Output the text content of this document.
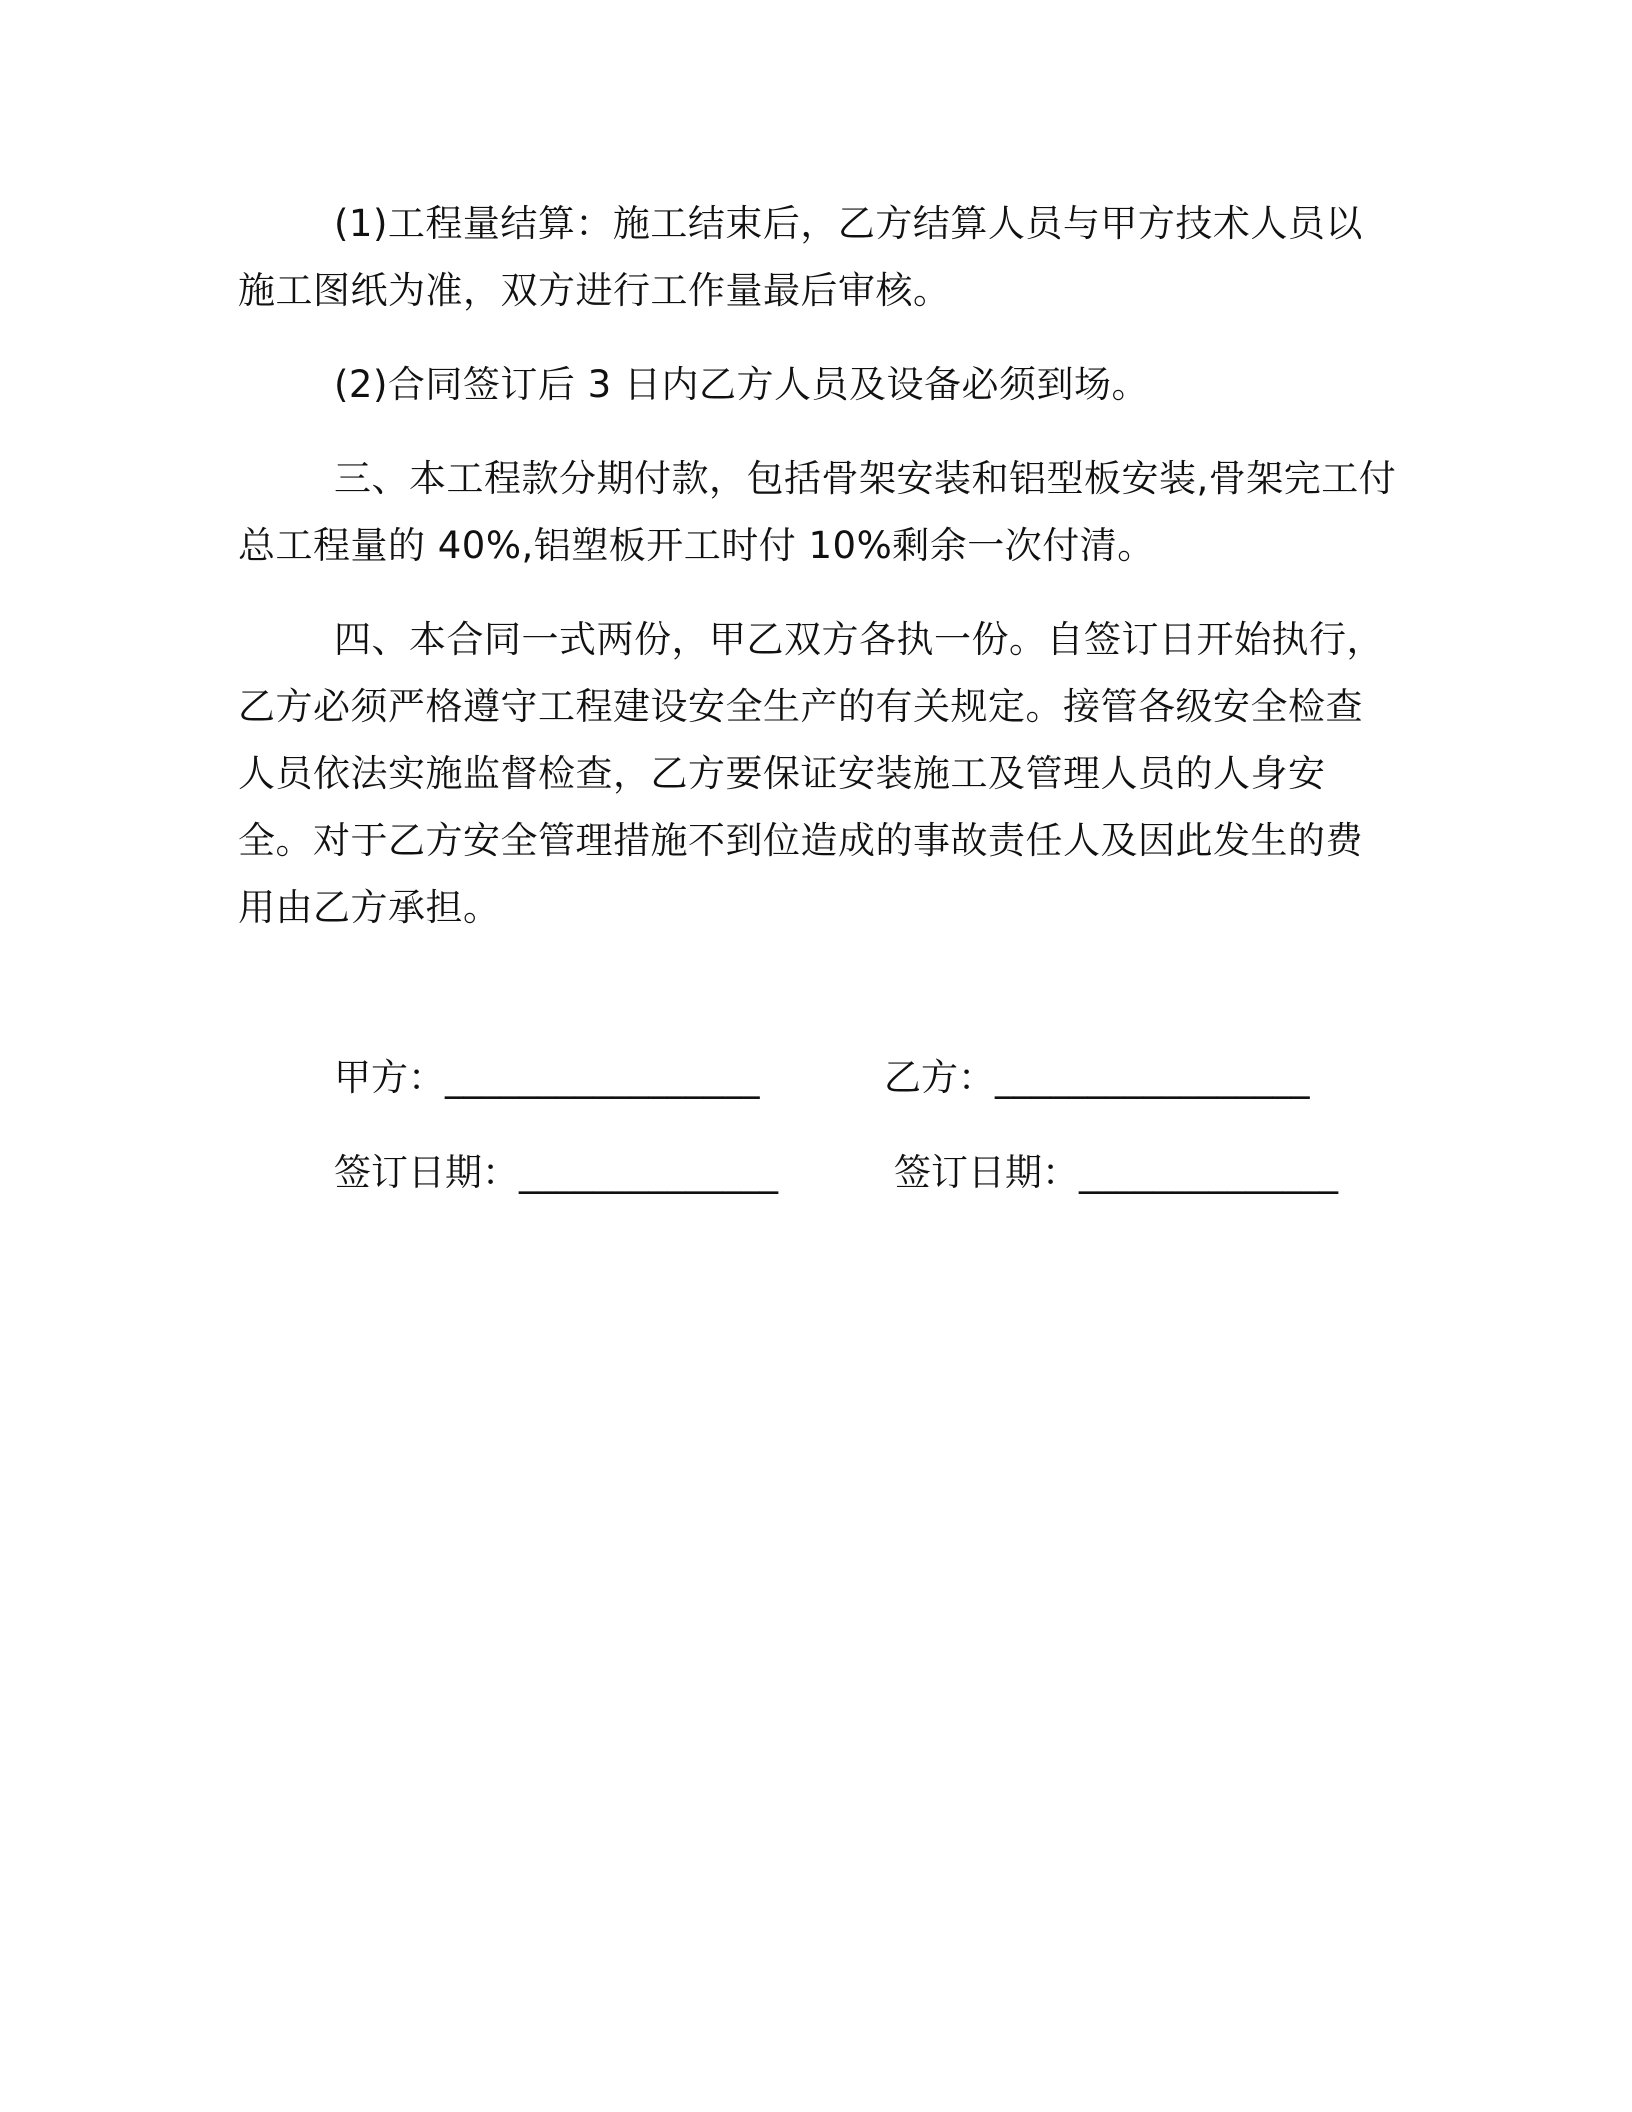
(1)工程量结算：施工结束后，乙方结算人员与甲方技术人员以施工图纸为准，双方进行工作量最后审核。

(2)合同签订后 3 日内乙方人员及设备必须到场。

三、本工程款分期付款，包括骨架安装和铝型板安装,骨架完工付总工程量的 40%,铝塑板开工时付 10%剩余一次付清。

四、本合同一式两份，甲乙双方各执一份。自签订日开始执行，乙方必须严格遵守工程建设安全生产的有关规定。接管各级安全检查人员依法实施监督检查，乙方要保证安装施工及管理人员的人身安全。对于乙方安全管理措施不到位造成的事故责任人及因此发生的费用由乙方承担。

甲方：_________________

	乙方：_________________

签订日期：______________

	签订日期：______________
